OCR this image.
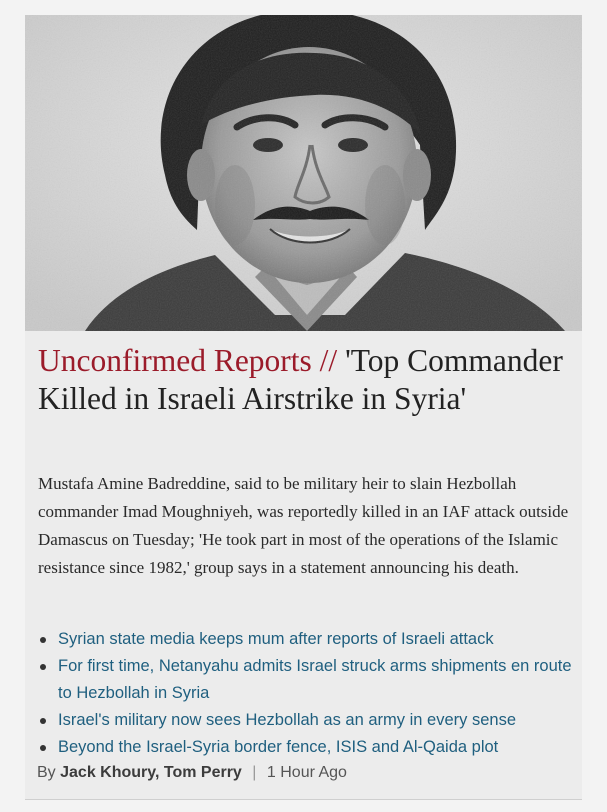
Unconfirmed Reports // 'Top Commander Killed in Israeli Airstrike in Syria'

Mustafa Amine Badreddine, said to be military heir to slain Hezbollah commander Imad Moughniyeh, was reportedly killed in an IAF attack outside Damascus on Tuesday; 'He took part in most of the operations of the Islamic resistance since 1982,' group says in a statement announcing his death.

Syrian state media keeps mum after reports of Israeli attack
For first time, Netanyahu admits Israel struck arms shipments en route to Hezbollah in Syria
Israel's military now sees Hezbollah as an army in every sense
Beyond the Israel-Syria border fence, ISIS and Al-Qaida plot
By Jack Khoury, Tom Perry | 1 Hour Ago
